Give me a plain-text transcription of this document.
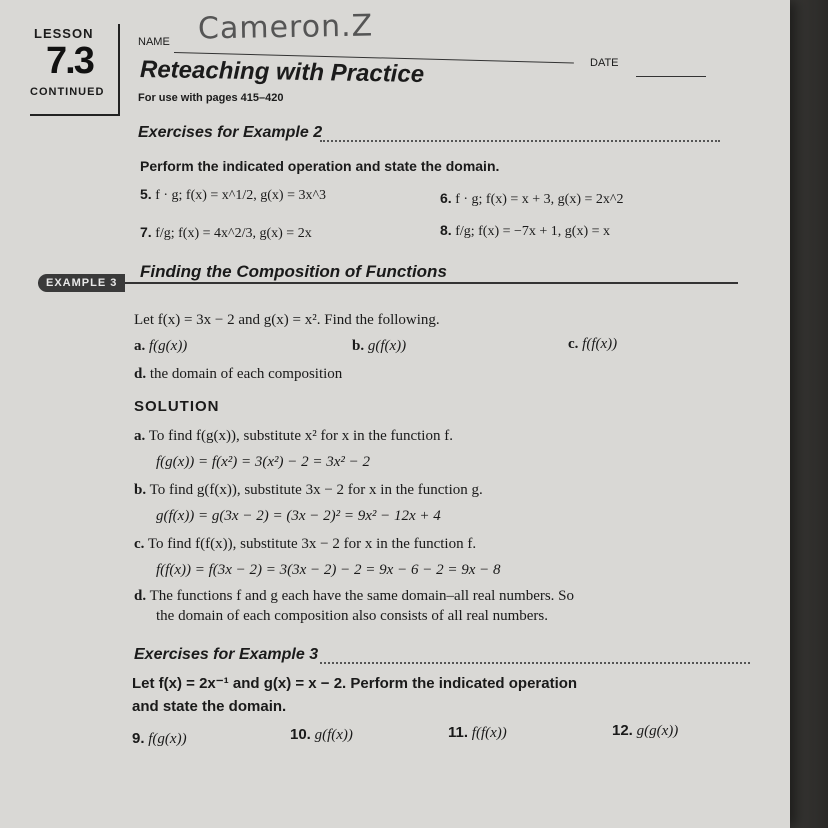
LESSON
7.3
CONTINUED
NAME Cameron.Z
DATE
Reteaching with Practice
For use with pages 415–420
Exercises for Example 2
Perform the indicated operation and state the domain.
5. f · g; f(x) = x^1/2, g(x) = 3x^3	6. f · g; f(x) = x + 3, g(x) = 2x^2
7. f/g; f(x) = 4x^2/3, g(x) = 2x	8. f/g; f(x) = −7x + 1, g(x) = x
EXAMPLE 3
Finding the Composition of Functions
Let f(x) = 3x − 2 and g(x) = x². Find the following.
a. f(g(x))	b. g(f(x))	c. f(f(x))
d. the domain of each composition
SOLUTION
a. To find f(g(x)), substitute x² for x in the function f.
f(g(x)) = f(x²) = 3(x²) − 2 = 3x² − 2
b. To find g(f(x)), substitute 3x − 2 for x in the function g.
g(f(x)) = g(3x − 2) = (3x − 2)² = 9x² − 12x + 4
c. To find f(f(x)), substitute 3x − 2 for x in the function f.
f(f(x)) = f(3x − 2) = 3(3x − 2) − 2 = 9x − 6 − 2 = 9x − 8
d. The functions f and g each have the same domain–all real numbers. So
the domain of each composition also consists of all real numbers.
Exercises for Example 3
Let f(x) = 2x⁻¹ and g(x) = x − 2. Perform the indicated operation
and state the domain.
9. f(g(x))	10. g(f(x))	11. f(f(x))	12. g(g(x))
